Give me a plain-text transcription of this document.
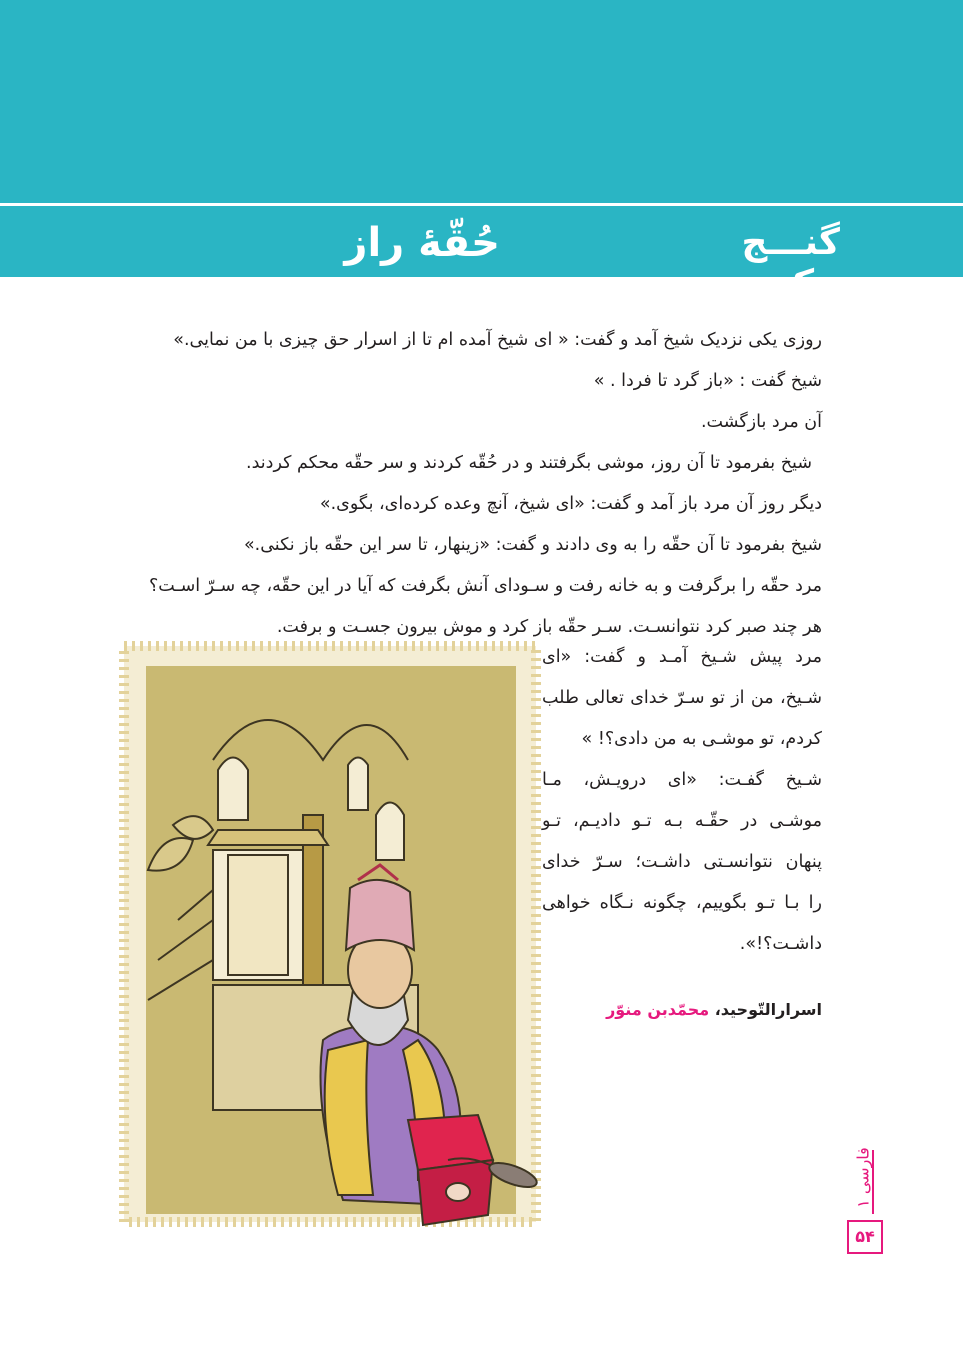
گنـــج حکمـــت
حُقّهٔ راز

روزی یکی نزدیک شیخ آمد و گفت: « ای شیخ آمده ام تا از اسرار حق چیزی با من نمایی.»

شیخ گفت : «باز گرد تا فردا . »

آن مرد بازگشت.

شیخ بفرمود تا آن روز، موشی بگرفتند و در حُقّه کردند و سر حقّه محکم کردند.

دیگر روز آن مرد باز آمد و گفت: «ای شیخ، آنچ وعده کرده‌ای، بگوی.»

شیخ بفرمود تا آن حقّه را به وی دادند و گفت: «زینهار، تا سر این حقّه باز نکنی.»

مرد حقّه را برگرفت و به خانه رفت و سـودای آنش بگرفت که آیا در این حقّه، چه سـرّ اسـت؟

هر چند صبر کرد نتوانسـت. سـر حقّه باز کرد و موش بیرون جسـت و برفت.

مرد پیش شـیخ آمـد و گفت: «ای

شـیخ، من از تو سـرّ خدای تعالی طلب

کردم، تو موشـی به من دادی؟! »

شـیخ گفـت: «ای درویـش، مـا

موشـی در حقّـه بـه تـو دادیـم، تـو

پنهان نتوانسـتی داشـت؛ سـرّ خدای

را بـا تـو بگوییم، چگونه نـگاه خواهی

داشـت؟!».

اسرارالتّوحید، محمّدبن منوّر
فارسی ۱
۵۴
